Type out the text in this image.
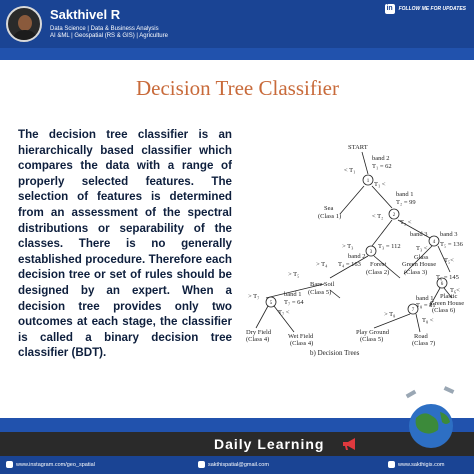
Sakthivel R
Data Science | Data & Business Analysis
AI &ML | Geospatial (RS & GIS) | Agriculture
in	FOLLOW ME FOR UPDATES
Decision Tree Classifier
The decision tree classifier is an hierarchically based classifier which compares the data with a range of properly selected features. The selection of features is determined from an assessment of the spectral distributions or separability of the classes. There is no generally established procedure. Therefore each decision tree or set of rules should be designed by an expert. When a decision tree provides only two outcomes at each stage, the classifier is called a binary decision tree classifier (BDT).
1
2
3
4
5
6
7
START
band 2
T₁ = 62
< T₁
T₁ <
band 1
T₂ = 99
Sea
(Class 1)	< T₂
T₂ <
band 3
T₃ = 112
> T₃	T₃ <
Glass
band 2
band 3
T₅ = 136
> T₄ T₄ = 163 Forest
(Class 2)
Green House
(Class 3)
T₅<
T₆ = 145
T₆<
Bare Soil
(Class 5)
> T₅
band 1
T₇ = 64
Plastic
Green House
(Class 6)
> T₇
T₇ <
band 1
T₈ = 81
> T₈
T₈ <
Dry Field
(Class 4)	Wet Field
(Class 4)
Play Ground
(Class 5)	Road
(Class 7)
b) Decision Trees
Daily Learning
www.instagram.com/geo_spatial	sakthispatial@gmail.com	www.sakthigis.com
